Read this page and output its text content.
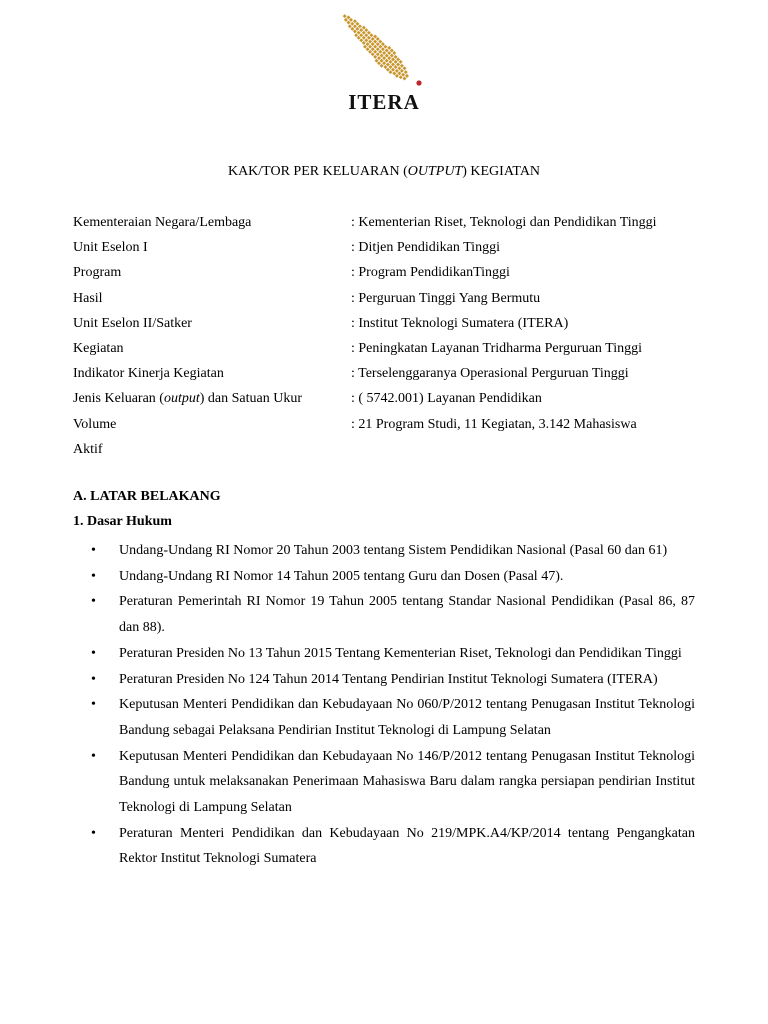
ITERA
KAK/TOR PER KELUARAN (OUTPUT) KEGIATAN
Kementeraian Negara/Lembaga	: Kementerian Riset, Teknologi dan Pendidikan Tinggi
Unit Eselon I	: Ditjen Pendidikan Tinggi
Program	: Program PendidikanTinggi
Hasil	: Perguruan Tinggi Yang Bermutu
Unit Eselon II/Satker	: Institut Teknologi Sumatera (ITERA)
Kegiatan	: Peningkatan Layanan Tridharma Perguruan Tinggi
Indikator Kinerja Kegiatan	: Terselenggaranya Operasional Perguruan Tinggi
Jenis Keluaran (output) dan Satuan Ukur	: ( 5742.001) Layanan Pendidikan
Volume	: 21 Program Studi, 11 Kegiatan, 3.142 Mahasiswa
Aktif
A. LATAR BELAKANG
1. Dasar Hukum
• Undang-Undang RI Nomor 20 Tahun 2003 tentang Sistem Pendidikan Nasional (Pasal 60 dan 61)
• Undang-Undang RI Nomor 14 Tahun 2005 tentang Guru dan Dosen (Pasal 47).
• Peraturan Pemerintah RI Nomor 19 Tahun 2005 tentang Standar Nasional Pendidikan (Pasal 86, 87 dan 88).
• Peraturan Presiden No 13 Tahun 2015 Tentang Kementerian Riset, Teknologi dan Pendidikan Tinggi
• Peraturan Presiden No 124 Tahun 2014 Tentang Pendirian Institut Teknologi Sumatera (ITERA)
• Keputusan Menteri Pendidikan dan Kebudayaan No 060/P/2012 tentang Penugasan Institut Teknologi Bandung sebagai Pelaksana Pendirian Institut Teknologi di Lampung Selatan
• Keputusan Menteri Pendidikan dan Kebudayaan No 146/P/2012 tentang Penugasan Institut Teknologi Bandung untuk melaksanakan Penerimaan Mahasiswa Baru dalam rangka persiapan pendirian Institut Teknologi di Lampung Selatan
• Peraturan Menteri Pendidikan dan Kebudayaan No 219/MPK.A4/KP/2014 tentang Pengangkatan Rektor Institut Teknologi Sumatera
